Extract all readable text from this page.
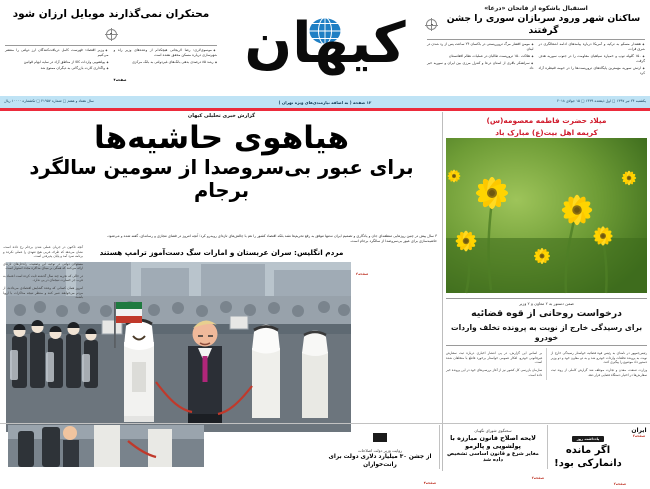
استقبال باشکوه از فاتحان «درعا»
ساکنان شهر ورود سربازان سوری را جشن گرفتند
◆ هشدار مسکو به ترکیه و آمریکا درباره پیامدهای ادامه اشغالگری در شرق فرات
◆ ۱۵۰ گلوله توپ و خمپاره سپاهیان مقاومت را در جنوب سوریه هدف گرفت
◆ ارتش سوریه مهمترین پایگاه‌های تروریست‌ها را در حومه قنیطره آزاد کرد
◆ مومن افشار مرگ ترورریستی در باکسان ۲۴ ساعت پس از رد شدن در لبنان
◆ هلاکت ۱۵۰ تروریست طالبان در عملیات نظام افغانستان
◆ سرلشکر باقری از استان درعا و کنترل مرزی بین ایران و سوریه خبر داد
کیهان
محتکران نمی‌گذارند موبایل ارزان شود
◆ موسوی‌لاری: رضا لاریجانی هیچکدام از وعده‌های وزیر راه و شهرسازی درباره مسکن محقق نشده است
◆ رشد ۸۵ درصدی بدهی بانک‌های غیردولتی به بانک مرکزی
صفحه۴
◆ وزیر اقتصاد: فهرست کامل دریافت‌کنندگان ارز دولتی را منتشر می‌کنیم
◆ پولشویی واردات کالا از مناطق آزاد در سایه ابهام قوانین
◆ واگذاری کارت بازرگانی به دیگران ممنوع شد
یکشنبه ۲۴ تیر ۱۳۹۷ □ اول ذیقعده ۱۴۳۹ □ ۱۵ جولای ۲۰۱۸
۱۲ صفحه ( به اضافه نیازمندی‌های ویژه تهران )
سال هفتاد و هفتم □ شماره ۲۱۹۵۷ □ تکشماره ۱۰۰۰۰ ریال
میلاد حضرت فاطمه معصومه(س)
کریمه اهل بیت(ع) مبارک باد
ضمن دستور به ۲ معاون و ۲ وزیر
درخواست روحانی از قوه قضائیه
برای رسیدگی خارج از نوبت به پرونده تخلف واردات خودرو

رئیس‌جمهور در نامه‌ای به رئیس قوه قضائیه خواستار رسیدگی خارج از نوبت به پرونده تخلفات واردات خودرو شد و به دو معاون خود و دو وزیر دستور داد موضوع را پیگیری کنند.

وزارت صنعت، معدن و تجارت موظف شد گزارش کاملی از روند ثبت سفارش‌ها در اختیار دستگاه قضایی قرار دهد.

بر اساس این گزارش، در پی انتشار اخباری درباره ثبت سفارش غیرقانونی خودرو، افکار عمومی خواستار برخورد قاطع با متخلفان شده است.

سازمان بازرسی کل کشور نیز از آغاز بررسی‌های خود در این پرونده خبر داده است.

گزارش خبری تحلیلی کیهان
هیاهوی حاشیه‌ها
برای عبور بی‌سروصدا از سومین سالگرد برجام

۳ سال پیش در چنین روزهایی منطقه‌ای جان و یادگاری و تصمیم ایران نه‌تنها موفق به رفع تحریم‌ها نشد بلکه اقتصاد کشور را هم با چالش‌های تازه‌ای روبه‌رو کرد؛ آنچه امروز در فضای مجازی و رسانه‌ای، گفته شده و می‌شود، حاشیه‌سازی برای عبور بی‌سروصدا از سالگرد برجام است.

مردم انگلیس: سران عربستان و امارات سگ دست‌آموز ترامپ هستند

آنچه تاکنون در جریان عملی شدن برجام رخ داده است، نشان می‌دهد که طرف غربی هیچ تعهدی را عملی نکرده و برنامه سرد آمد و پایان پذیرفتن است.

مسئولان دولتی در توجیه این وضعیت، راه‌حل‌های تازه‌ای ارائه می‌کنند که همگی بر مبنای مذاکره مجدد استوار است.

در حالی که تجربه چند سال گذشته ثابت کرده است اعتماد به غرب جز خسارت نتیجه‌ای در پی ندارد.

امروز همان کسانی که وعده گشایش اقتصادی می‌دادند، از مردم می‌خواهند صبر کنند و منتظر نتیجه مذاکرات با اروپا باشند.

صفحه۳
ایران
صفحه۲
یادداشت روز
اگر مانده دانمارکی بود!
صفحه۲
سخنگوی شورای نگهبان
لایحه اصلاح قانون مبارزه با پولشویی و پالرمو
مغایر شرع و قانون اساسی تشخیص داده شد
صفحه۳
روایت وزیر دولت اصلاحات
از جشن ۳۰ میلیارد دلاری دولت برای رانت‌خواران
صفحه۴
